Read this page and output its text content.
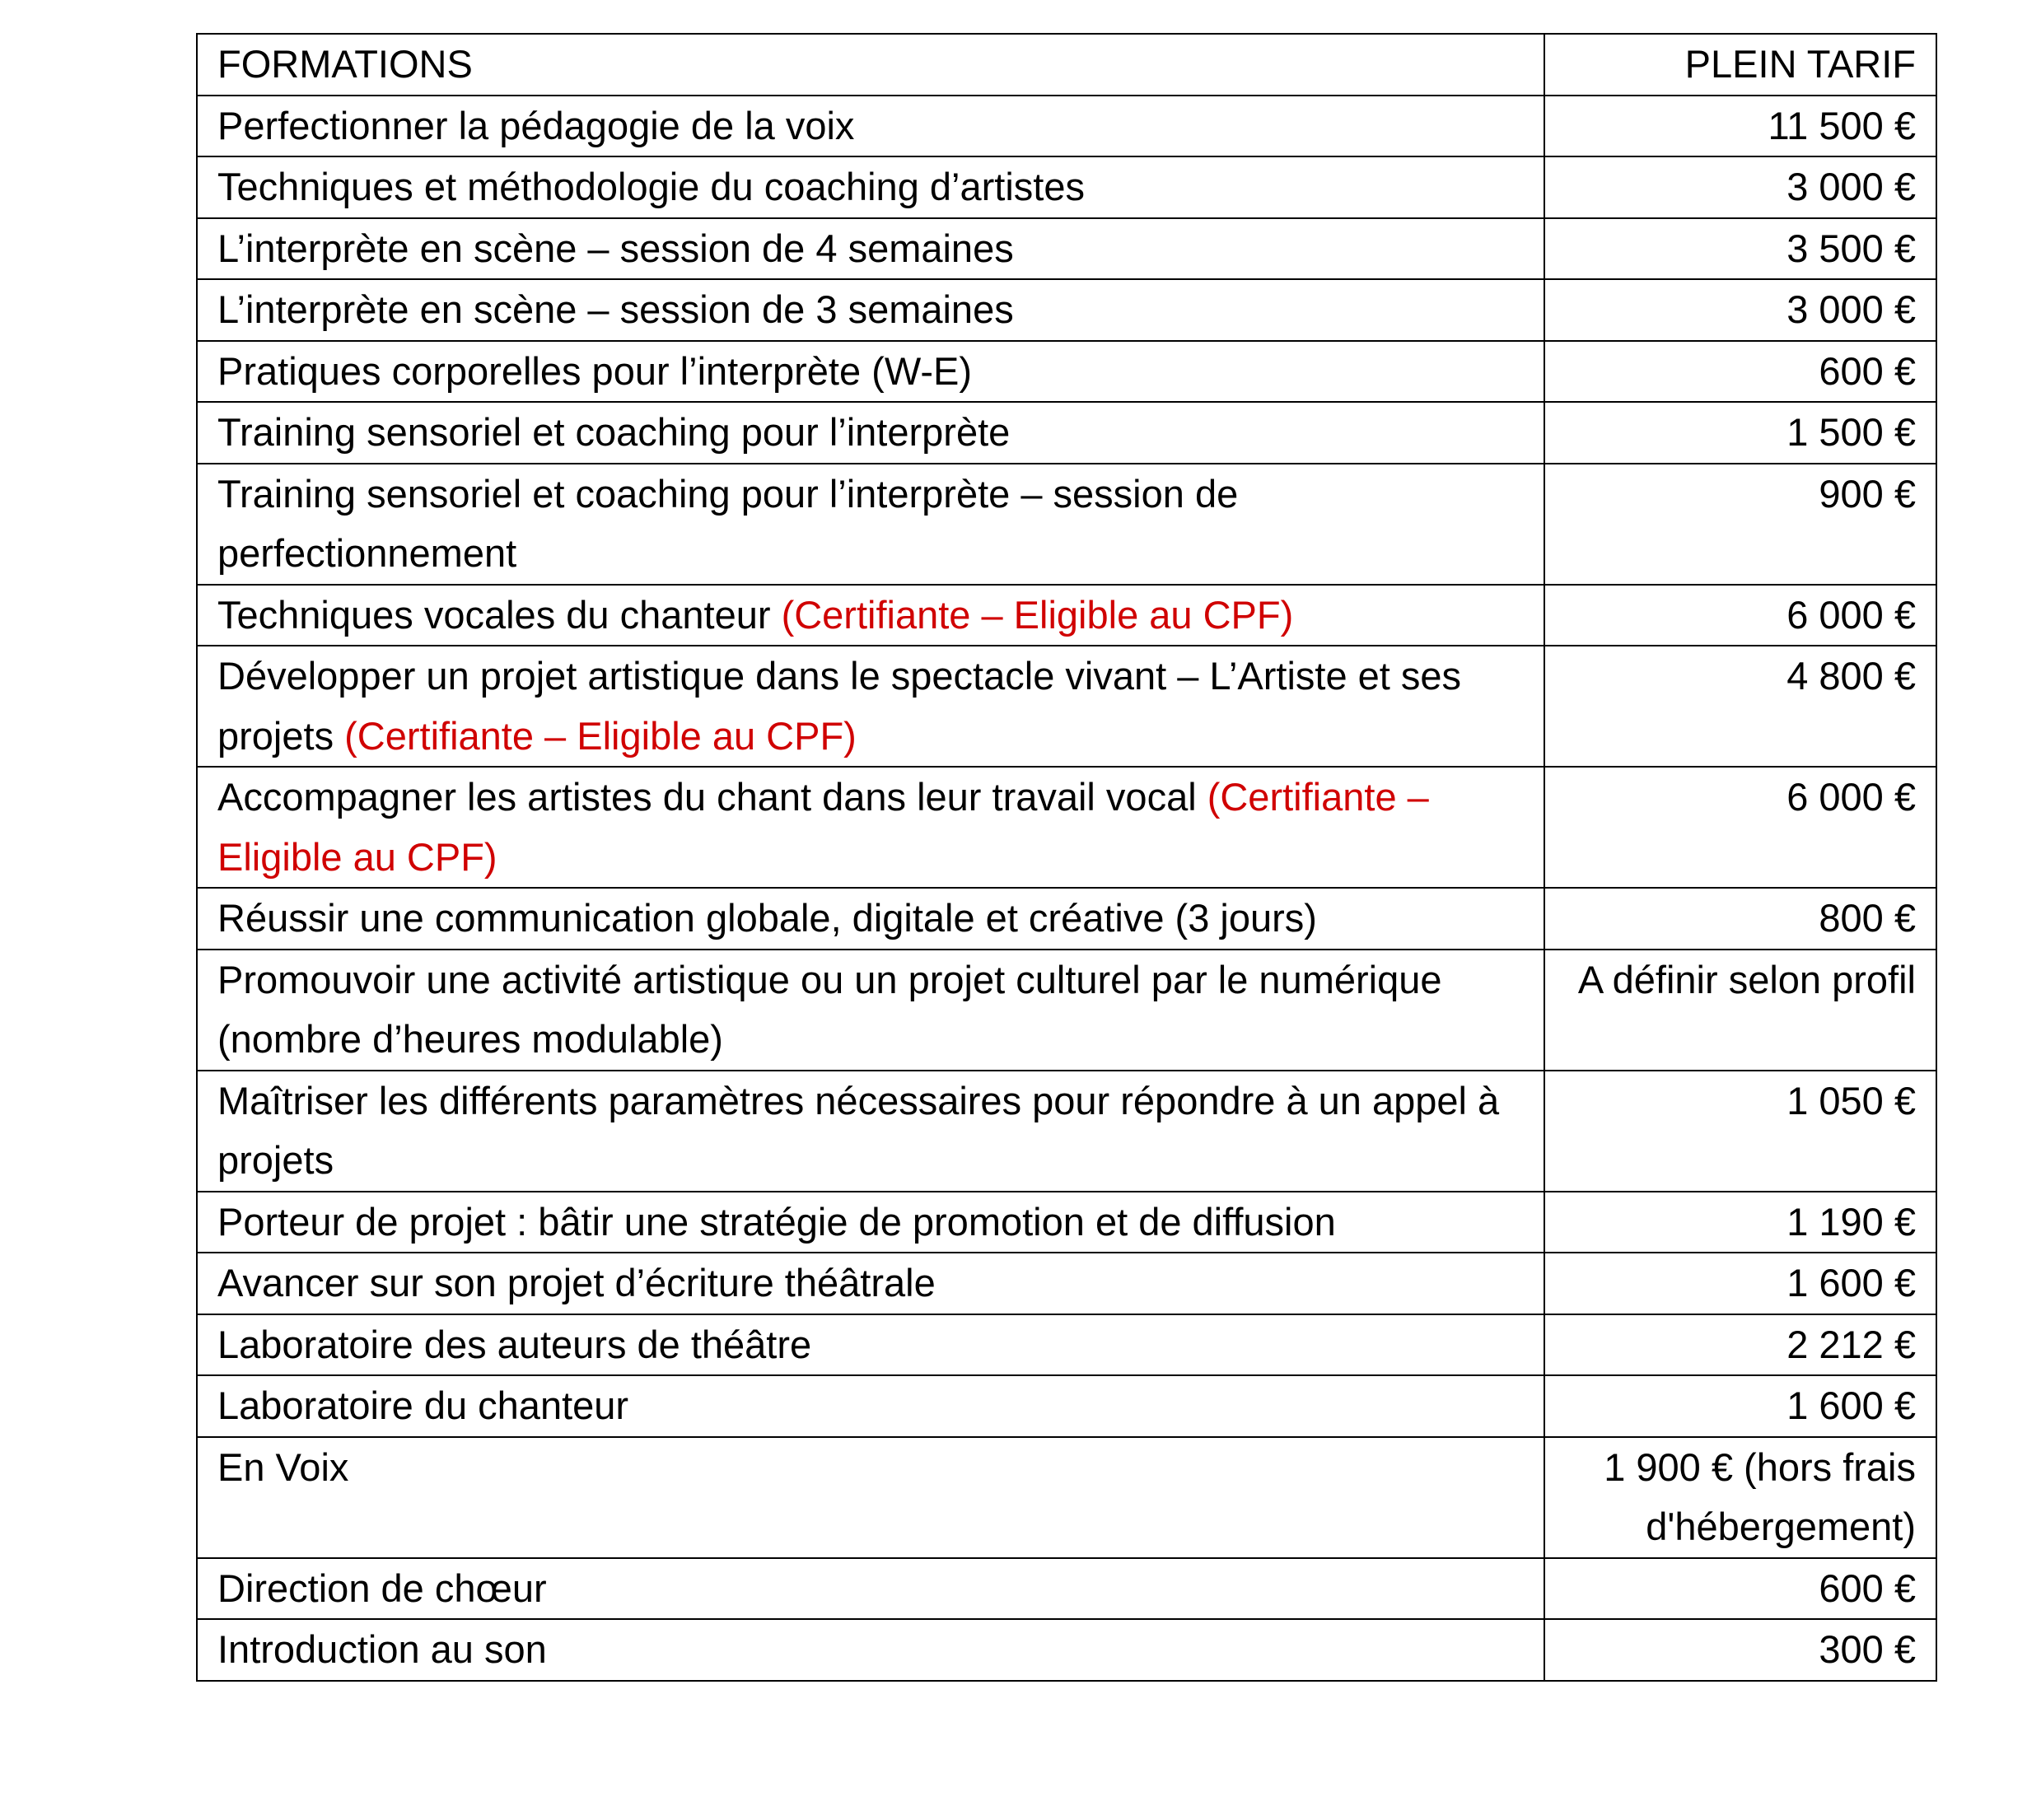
FORMATIONS	PLEIN TARIF
Perfectionner la pédagogie de la voix	11 500 €
Techniques et méthodologie du coaching d’artistes	3 000 €
L’interprète en scène – session de 4 semaines	3 500 €
L’interprète en scène – session de 3 semaines	3 000 €
Pratiques corporelles pour l’interprète (W-E)	600 €
Training sensoriel et coaching pour l’interprète	1 500 €
Training sensoriel et coaching pour l’interprète – session de perfectionnement	900 €
Techniques vocales du chanteur (Certifiante – Eligible au CPF)	6 000 €
Développer un projet artistique dans le spectacle vivant – L’Artiste et ses projets (Certifiante – Eligible au CPF)	4 800 €
Accompagner les artistes du chant dans leur travail vocal (Certifiante – Eligible au CPF)	6 000 €
Réussir une communication globale, digitale et créative (3 jours)	800 €
Promouvoir une activité artistique ou un projet culturel par le numérique (nombre d’heures modulable)	A définir selon profil
Maîtriser les différents paramètres nécessaires pour répondre à un appel à projets	1 050 €
Porteur de projet : bâtir une stratégie de promotion et de diffusion	1 190 €
Avancer sur son projet d’écriture théâtrale	1 600 €
Laboratoire des auteurs de théâtre	2 212 €
Laboratoire du chanteur	1 600 €
En Voix	1 900 € (hors frais d'hébergement)
Direction de chœur	600 €
Introduction au son	300 €
